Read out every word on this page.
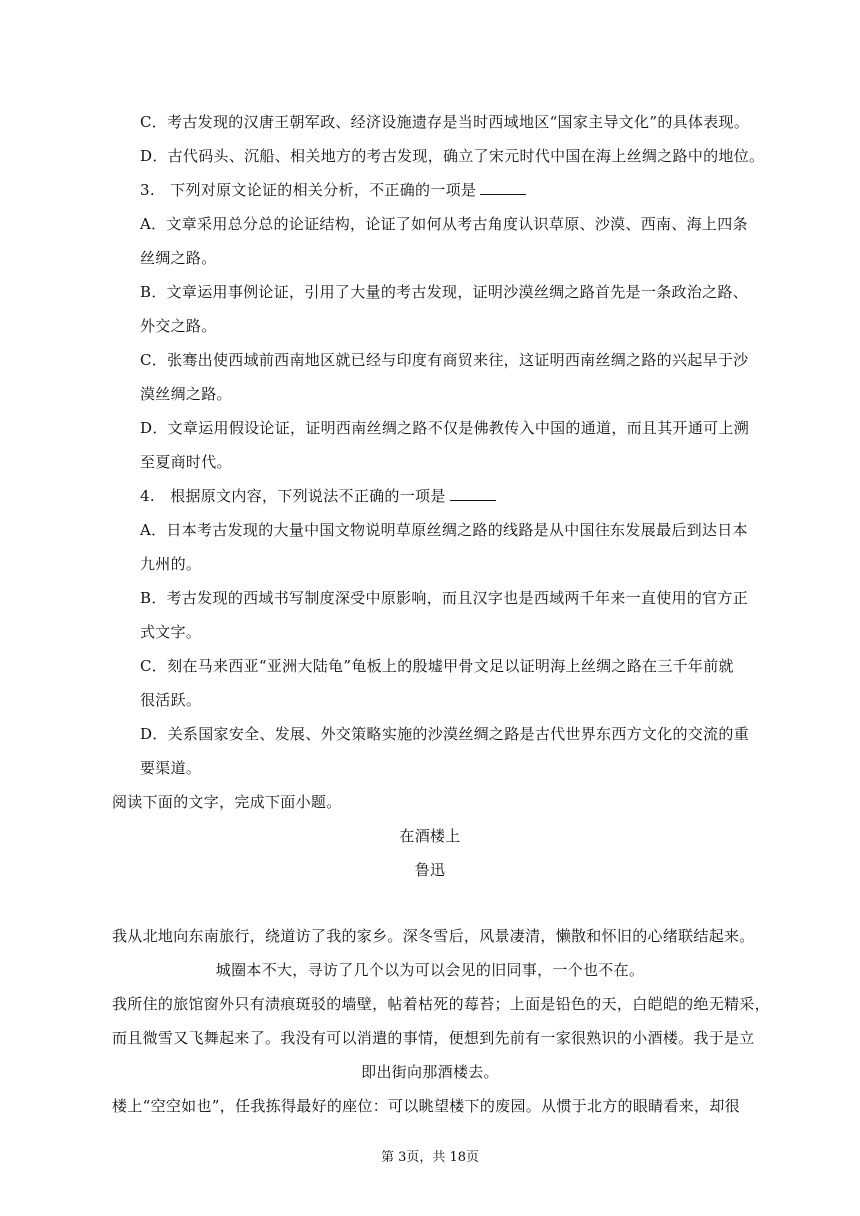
C．考古发现的汉唐王朝军政、经济设施遗存是当时西域地区“国家主导文化”的具体表现。
D．古代码头、沉船、相关地方的考古发现，确立了宋元时代中国在海上丝绸之路中的地位。
3.　下列对原文论证的相关分析，不正确的一项是
A．文章采用总分总的论证结构，论证了如何从考古角度认识草原、沙漠、西南、海上四条
丝绸之路。
B．文章运用事例论证，引用了大量的考古发现，证明沙漠丝绸之路首先是一条政治之路、
外交之路。
C．张骞出使西域前西南地区就已经与印度有商贸来往，这证明西南丝绸之路的兴起早于沙
漠丝绸之路。
D．文章运用假设论证，证明西南丝绸之路不仅是佛教传入中国的通道，而且其开通可上溯
至夏商时代。
4.　根据原文内容，下列说法不正确的一项是
A．日本考古发现的大量中国文物说明草原丝绸之路的线路是从中国往东发展最后到达日本
九州的。
B．考古发现的西域书写制度深受中原影响，而且汉字也是西域两千年来一直使用的官方正
式文字。
C．刻在马来西亚“亚洲大陆龟”龟板上的殷墟甲骨文足以证明海上丝绸之路在三千年前就
很活跃。
D．关系国家安全、发展、外交策略实施的沙漠丝绸之路是古代世界东西方文化的交流的重
要渠道。
阅读下面的文字，完成下面小题。
在酒楼上
鲁迅
我从北地向东南旅行，绕道访了我的家乡。深冬雪后，风景凄清，懒散和怀旧的心绪联结起来。
城圈本不大，寻访了几个以为可以会见的旧同事，一个也不在。
我所住的旅馆窗外只有渍痕斑驳的墙壁，帖着枯死的莓苔；上面是铅色的天，白皑皑的绝无精采，
而且微雪又飞舞起来了。我没有可以消遣的事情，便想到先前有一家很熟识的小酒楼。我于是立
即出街向那酒楼去。
楼上“空空如也”，任我拣得最好的座位：可以眺望楼下的废园。从惯于北方的眼睛看来，却很
第 3页，共 18页
